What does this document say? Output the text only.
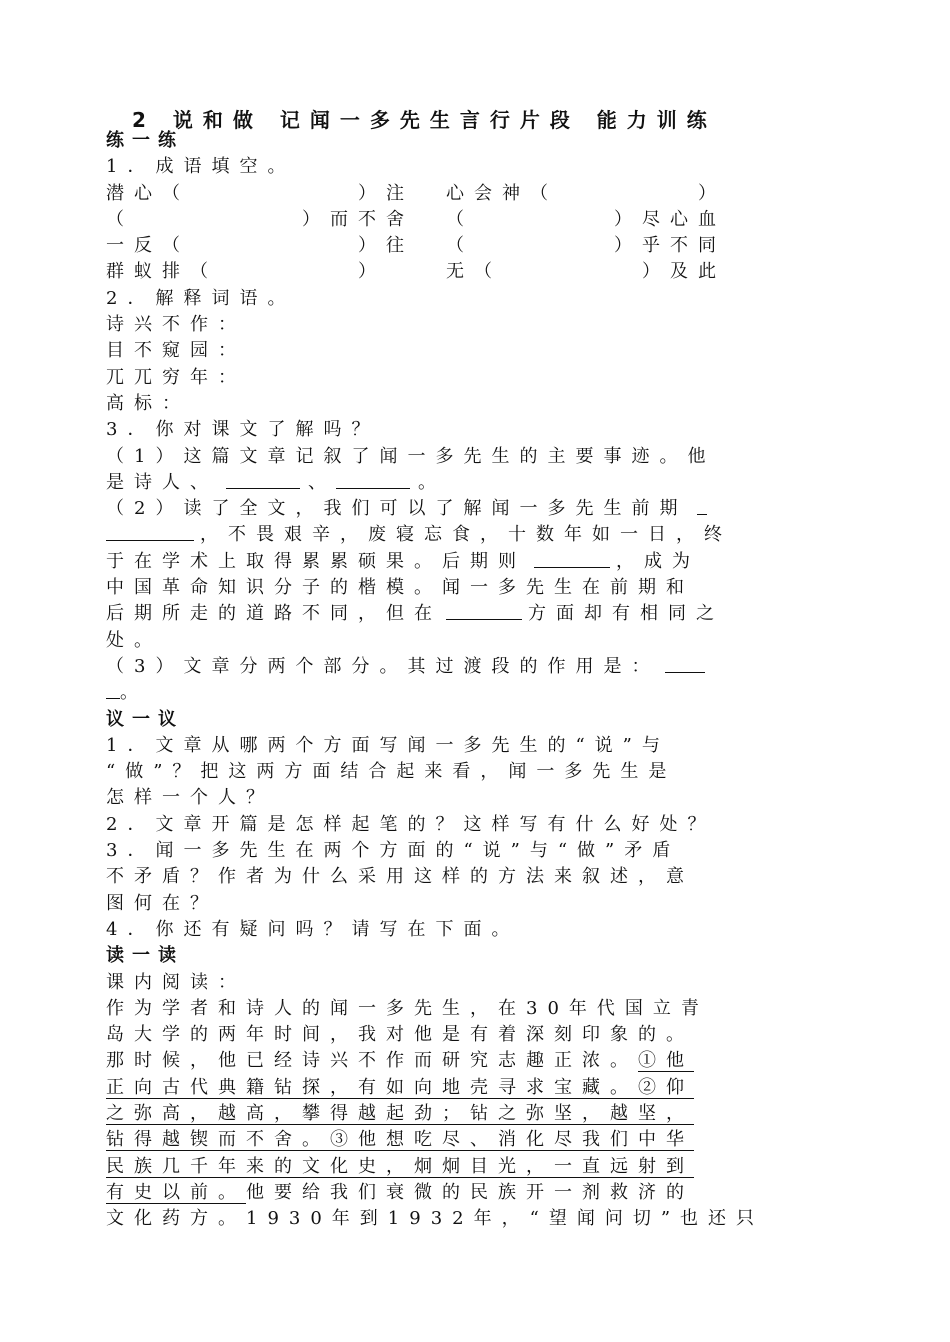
2 说和做 记闻一多先生言行片段 能力训练
练一练
1．成语填空。
潜心（　　　　　　）注	心会神（　　　　　）
（　　　　　　）而不舍	（　　　　　）尽心血
一反（　　　　　　）往	（　　　　　）乎不同
群蚁排（　　　　　）	无（　　　　　）及此
2．解释词语。
诗兴不作：
目不窥园：
兀兀穷年：
高标：
3．你对课文了解吗？
（1）这篇文章记叙了闻一多先生的主要事迹。他
是诗人、	、	。
（2）读了全文，我们可以了解闻一多先生前期
，不畏艰辛，废寝忘食，十数年如一日，终
于在学术上取得累累硕果。后期则	，成为
中国革命知识分子的楷模。闻一多先生在前期和
后期所走的道路不同，但在	方面却有相同之
处。
（3）文章分两个部分。其过渡段的作用是：
。
议一议
1．文章从哪两个方面写闻一多先生的“说”与
“做”？把这两方面结合起来看，闻一多先生是
怎样一个人？
2．文章开篇是怎样起笔的？这样写有什么好处？
3．闻一多先生在两个方面的“说”与“做”矛盾
不矛盾？作者为什么采用这样的方法来叙述，意
图何在？
4．你还有疑问吗？请写在下面。
读一读
课内阅读：
作为学者和诗人的闻一多先生，在30年代国立青
岛大学的两年时间，我对他是有着深刻印象的。
那时候，他已经诗兴不作而研究志趣正浓。 ①他
正向古代典籍钻探，有如向地壳寻求宝藏。②仰
之弥高，越高，攀得越起劲；钻之弥坚，越坚，
钻得越锲而不舍。③他想吃尽、消化尽我们中华
民族几千年来的文化史，炯炯目光，一直远射到
有史以前。 他要给我们衰微的民族开一剂救济的
文化药方。1930年到1932年，“望闻问切”也还只
